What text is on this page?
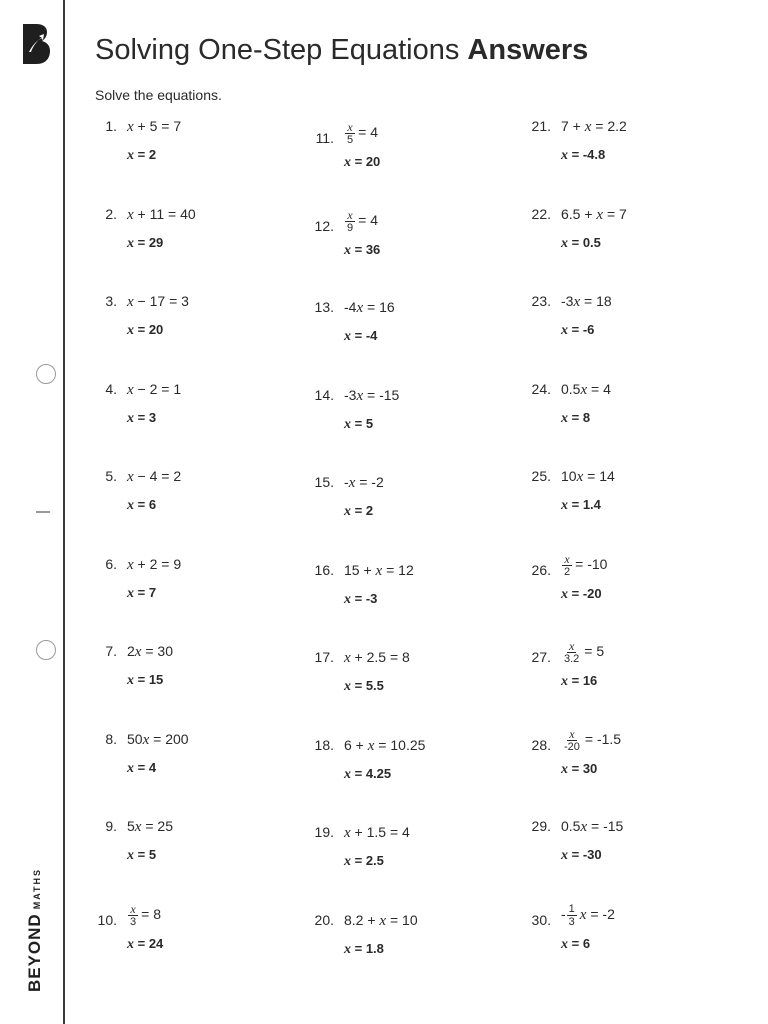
BEYONDMATHS
Solving One-Step Equations Answers
Solve the equations.
1. x + 5 = 7
x = 2
2. x + 11 = 40
x = 29
3. x − 17 = 3
x = 20
4. x − 2 = 1
x = 3
5. x − 4 = 2
x = 6
6. x + 2 = 9
x = 7
7. 2x = 30
x = 15
8. 50x = 200
x = 4
9. 5x = 25
x = 5
10. $\frac{x}{3} = 8$
x = 24
11. $\frac{x}{5} = 4$
x = 20
12. $\frac{x}{9} = 4$
x = 36
13. -4x = 16
x = -4
14. -3x = -15
x = 5
15. -x = -2
x = 2
16. 15 + x = 12
x = -3
17. x + 2.5 = 8
x = 5.5
18. 6 + x = 10.25
x = 4.25
19. x + 1.5 = 4
x = 2.5
20. 8.2 + x = 10
x = 1.8
21. 7 + x = 2.2
x = -4.8
22. 6.5 + x = 7
x = 0.5
23. -3x = 18
x = -6
24. 0.5x = 4
x = 8
25. 10x = 14
x = 1.4
26. $\frac{x}{2} = -10$
x = -20
27. $\frac{x}{3.2} = 5$
x = 16
28. $\frac{x}{-20} = -1.5$
x = 30
29. 0.5x = -15
x = -30
30. - $\frac{1}{3}$ x = -2
x = 6
